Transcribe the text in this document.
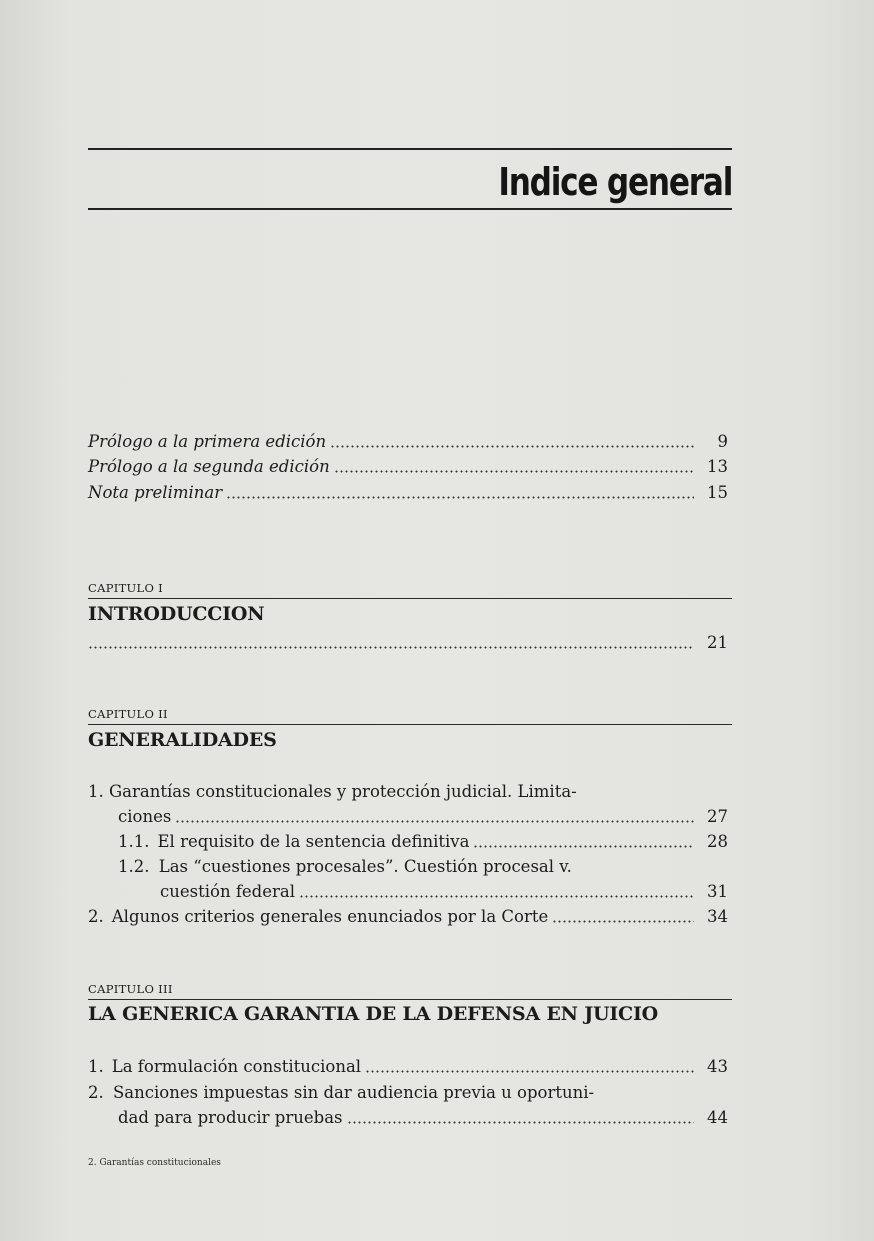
Indice general
Prólogo a la primera edición	9
Prólogo a la segunda edición	13
Nota preliminar	15
CAPITULO I
INTRODUCCION
21
CAPITULO II
GENERALIDADES
1. Garantías constitucionales y protección judicial. Limita-
ciones	27
1.1. El requisito de la sentencia definitiva	28
1.2. Las “cuestiones procesales”. Cuestión procesal v.
cuestión federal	31
2. Algunos criterios generales enunciados por la Corte	34
CAPITULO III
LA GENERICA GARANTIA DE LA DEFENSA EN JUICIO
1. La formulación constitucional	43
2. Sanciones impuestas sin dar audiencia previa u oportuni-
dad para producir pruebas	44
2. Garantías constitucionales
